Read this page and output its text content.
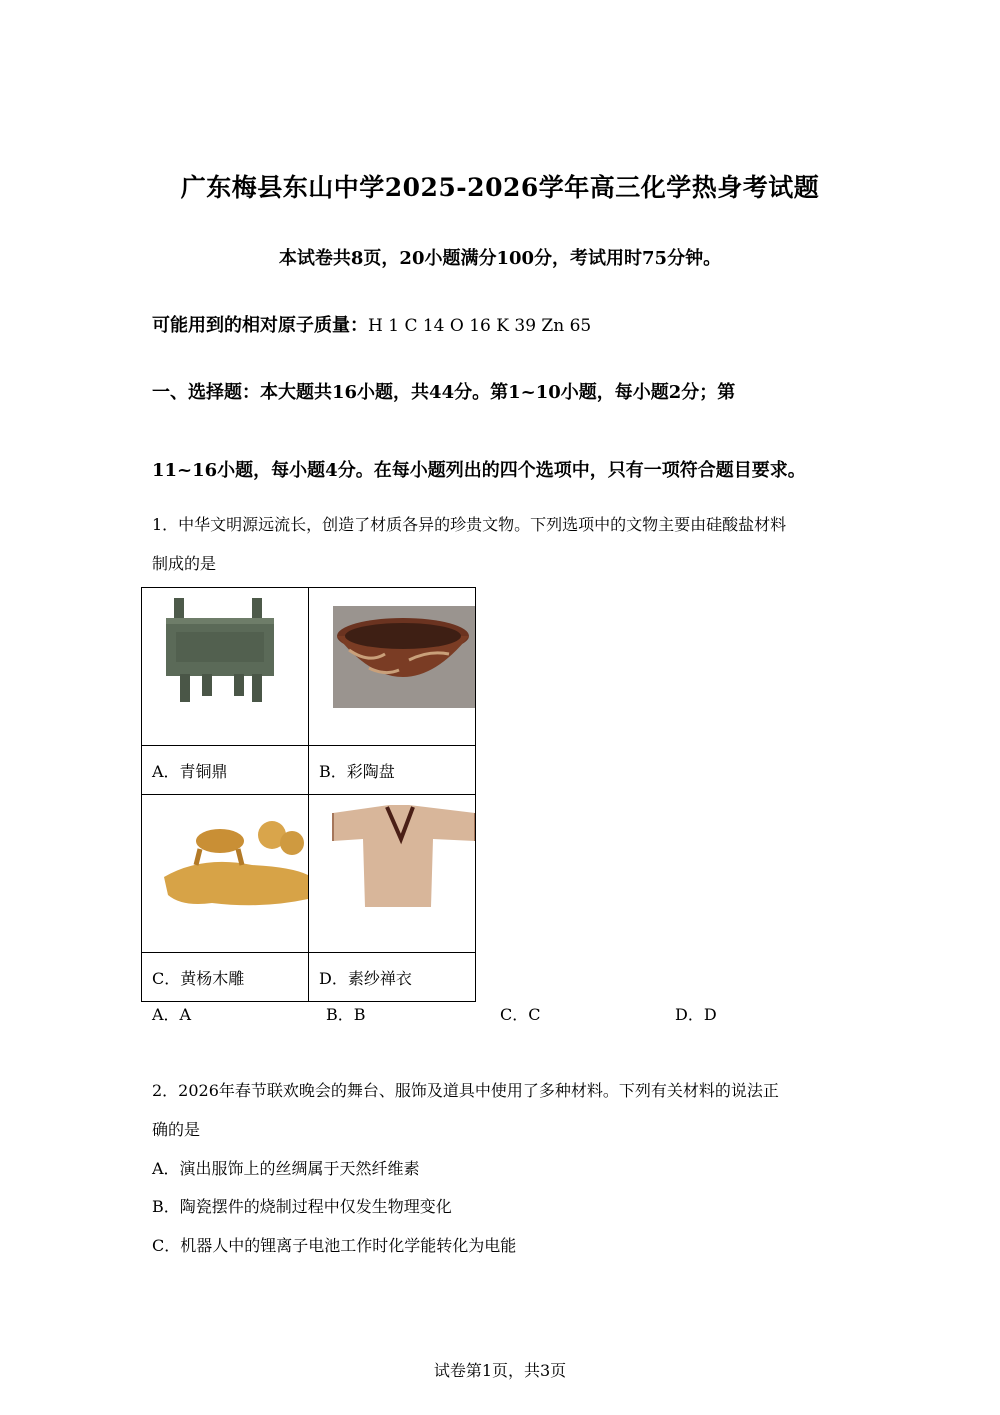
广东梅县东山中学2025-2026学年高三化学热身考试题
本试卷共8页，20小题满分100分，考试用时75分钟。
可能用到的相对原子质量：H 1 C 14 O 16 K 39 Zn 65
一、选择题：本大题共16小题，共44分。第1~10小题，每小题2分；第
11~16小题，每小题4分。在每小题列出的四个选项中，只有一项符合题目要求。
1．中华文明源远流长，创造了材质各异的珍贵文物。下列选项中的文物主要由硅酸盐材料
制成的是

A．青铜鼎	B．彩陶盘

C．黄杨木雕	D．素纱禅衣
A．A	B．B	C．C	D．D
2．2026年春节联欢晚会的舞台、服饰及道具中使用了多种材料。下列有关材料的说法正
确的是
A．演出服饰上的丝绸属于天然纤维素
B．陶瓷摆件的烧制过程中仅发生物理变化
C．机器人中的锂离子电池工作时化学能转化为电能
试卷第1页，共3页
